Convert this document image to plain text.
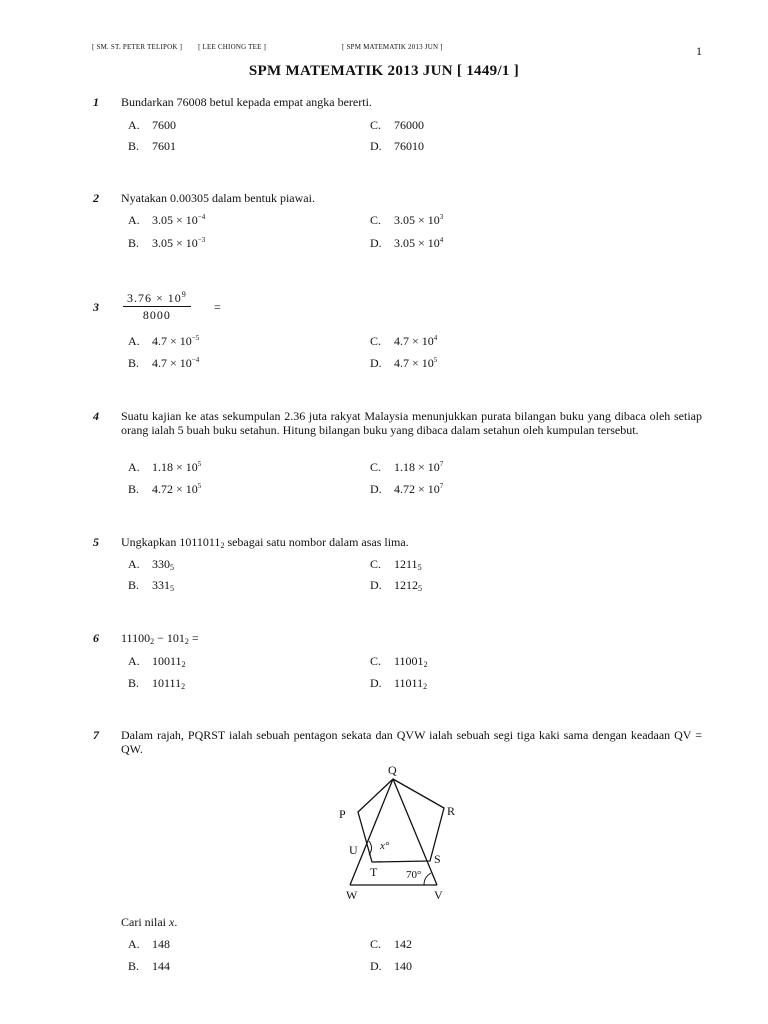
[ SM. ST. PETER TELIPOK ] [ LEE CHIONG TEE ]	[ SPM MATEMATIK 2013 JUN ]	1
SPM MATEMATIK 2013 JUN [ 1449/1 ]
1 Bundarkan 76008 betul kepada empat angka bererti.
A. 7600	C. 76000
B. 7601	D. 76010
2 Nyatakan 0.00305 dalam bentuk piawai.
A. $3.05 \times 10^{-4}$	C. $3.05 \times 10^3$
B. $3.05 \times 10^{-3}$	D. $3.05 \times 10^4$
$3 \frac{3.76 \times 10^9}{8000}$ =
A. $4.7 \times 10^{-5}$	C. $4.7 \times 10^4$
B. $4.7 \times 10^{-4}$	D. $4.7 \times 10^5$
4 Suatu kajian ke atas sekumpulan 2.36 juta rakyat Malaysia menunjukkan purata bilangan buku yang dibaca oleh setiap orang ialah 5 buah buku setahun. Hitung bilangan buku yang dibaca dalam setahun oleh kumpulan tersebut.
A. $1.18 \times 10^5$	C. $1.18 \times 10^7$
B. $4.72 \times 10^5$	D. $4.72 \times 10^7$
5 Ungkapkan $1011011_2$ sebagai satu nombor dalam asas lima.
A. $330_5$	C. $1211_5$
B. $331_5$	D. $1212_5$
6 $11100_2 - 101_2$ =
A. $10011_2$	C. $11001_2$
B. $10111_2$	D. $11011_2$
7 Dalam rajah, PQRST ialah sebuah pentagon sekata dan QVW ialah sebuah segi tiga kaki sama dengan keadaan QV = QW.
Q
P	R
U
S
T
W	V
x°
70°
Cari nilai x.
A. 148	C. 142
B. 144	D. 140
